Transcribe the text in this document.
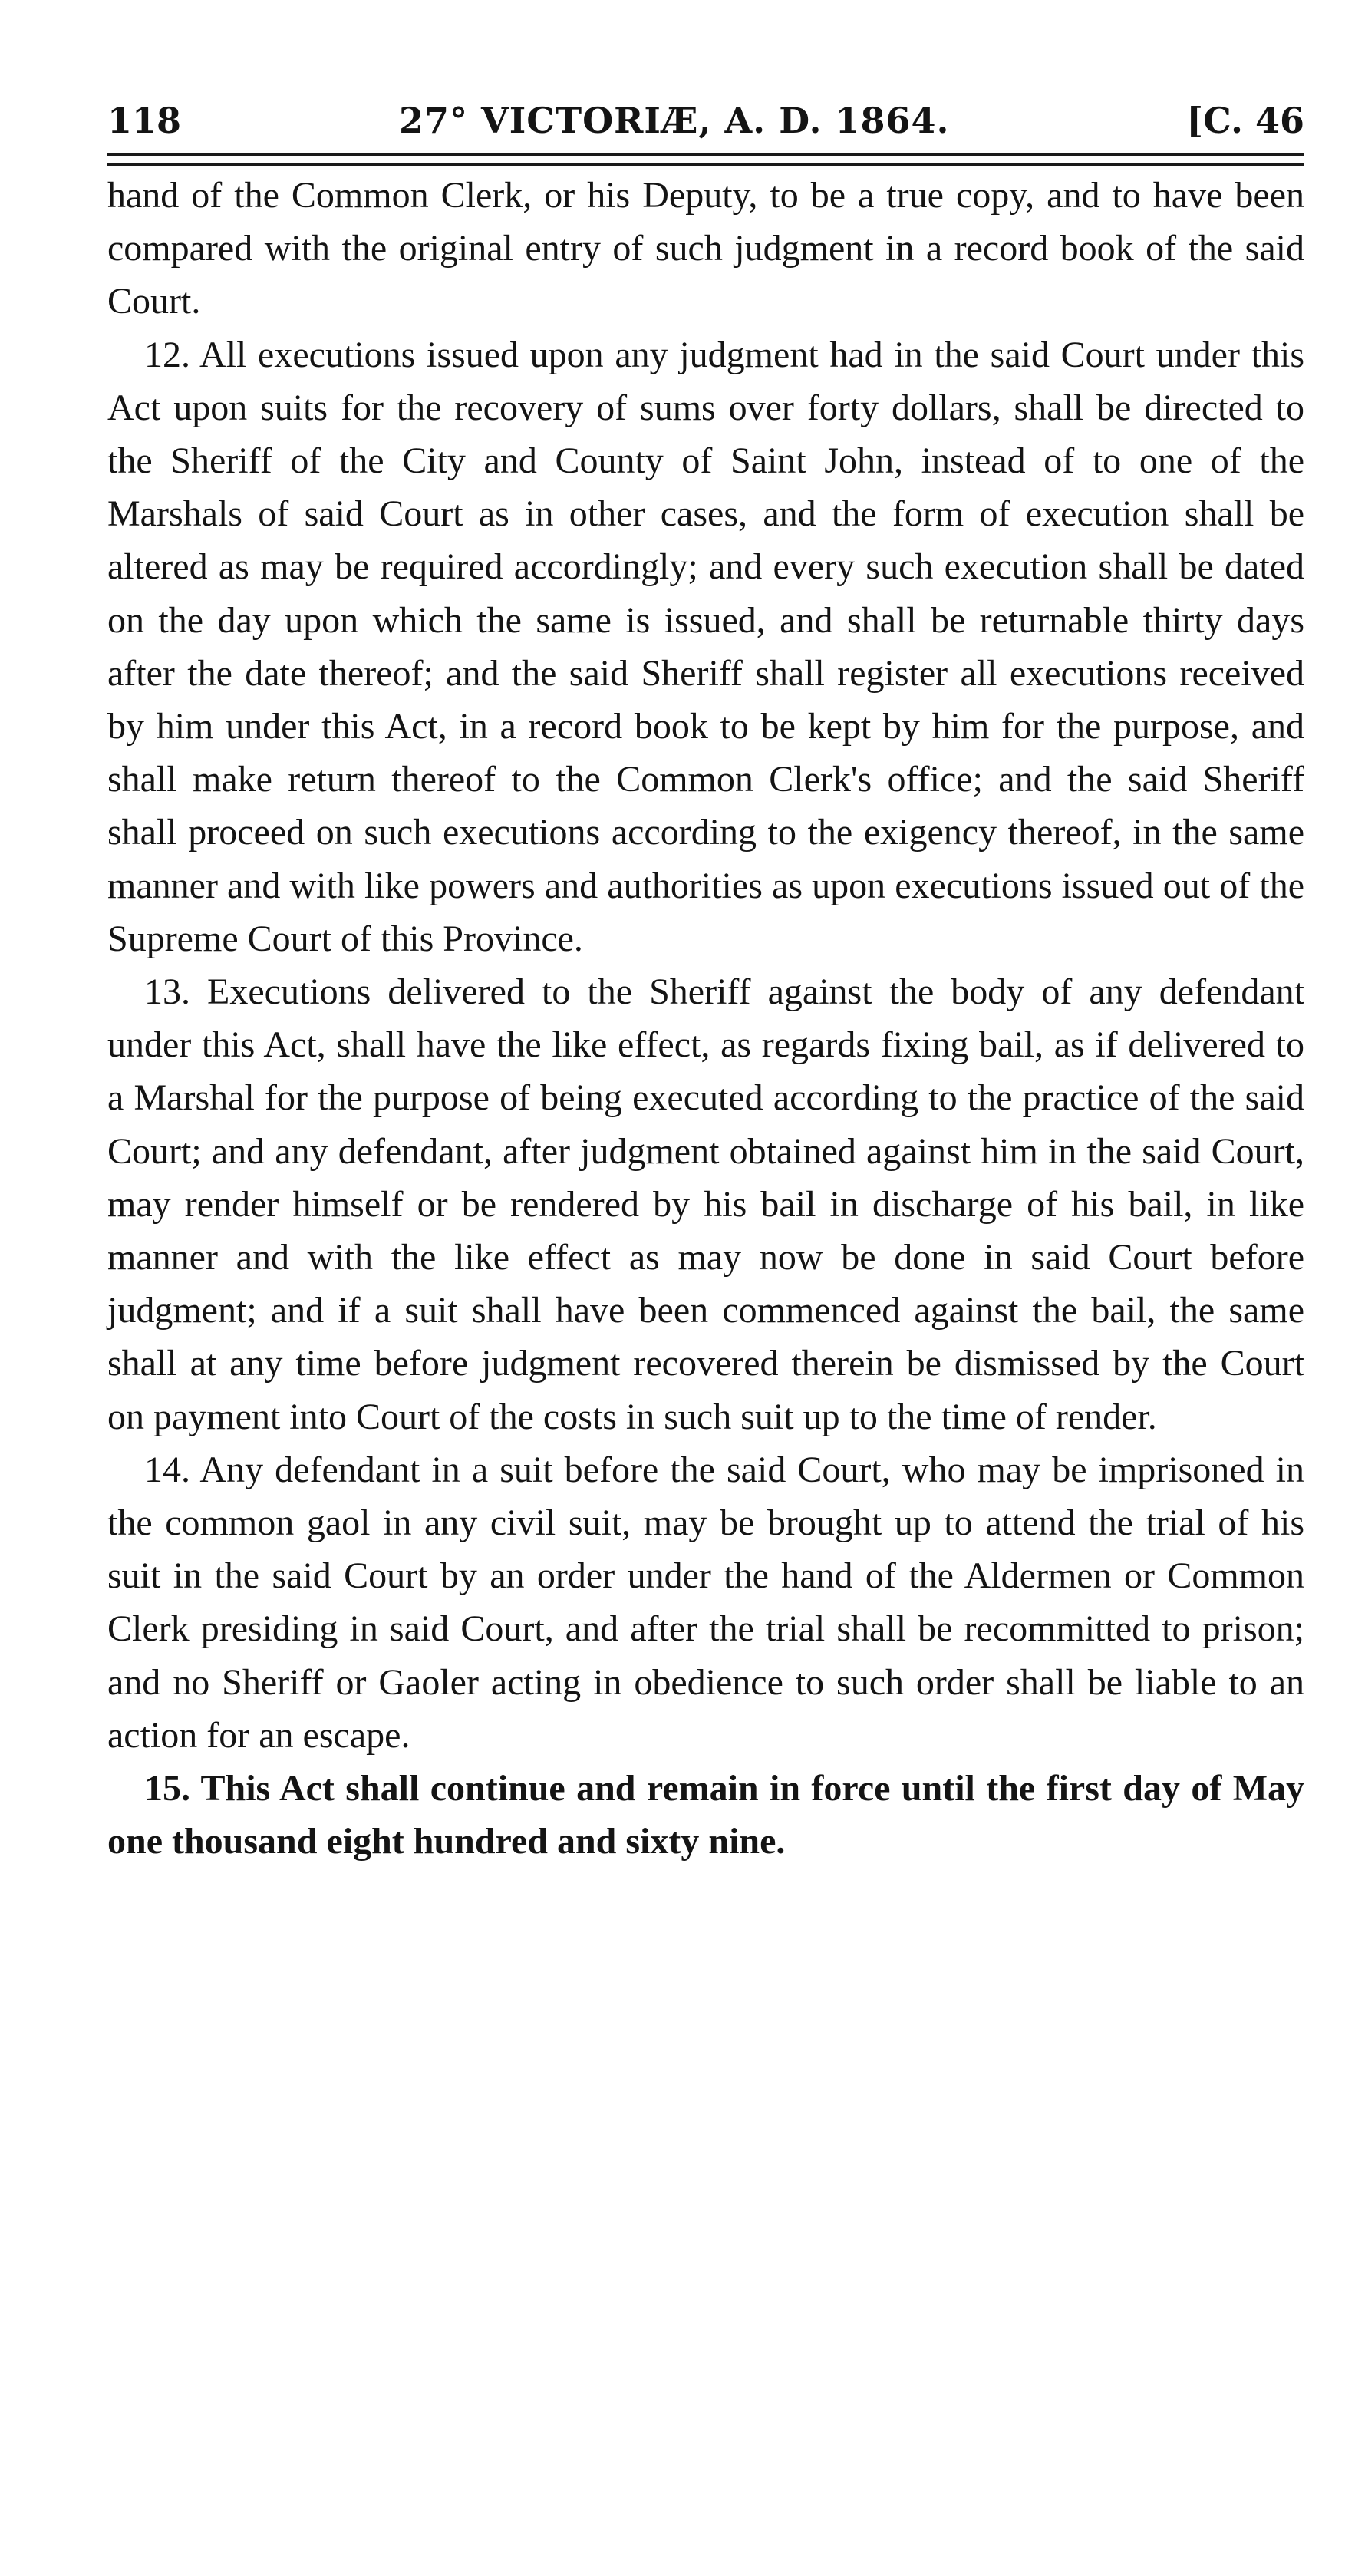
118	27° VICTORIÆ, A. D. 1864.	[C. 46

hand of the Common Clerk, or his Deputy, to be a true copy, and to have been compared with the original entry of such judgment in a record book of the said Court.

12. All executions issued upon any judgment had in the said Court under this Act upon suits for the recovery of sums over forty dollars, shall be directed to the Sheriff of the City and County of Saint John, instead of to one of the Marshals of said Court as in other cases, and the form of execution shall be altered as may be required accordingly; and every such execution shall be dated on the day upon which the same is issued, and shall be returnable thirty days after the date thereof; and the said Sheriff shall register all executions received by him under this Act, in a record book to be kept by him for the purpose, and shall make return thereof to the Common Clerk's office; and the said Sheriff shall proceed on such executions according to the exigency thereof, in the same manner and with like powers and authorities as upon executions issued out of the Supreme Court of this Province.

13. Executions delivered to the Sheriff against the body of any defendant under this Act, shall have the like effect, as regards fixing bail, as if delivered to a Marshal for the purpose of being executed according to the practice of the said Court; and any defendant, after judgment obtained against him in the said Court, may render himself or be rendered by his bail in discharge of his bail, in like manner and with the like effect as may now be done in said Court before judgment; and if a suit shall have been commenced against the bail, the same shall at any time before judgment recovered therein be dismissed by the Court on payment into Court of the costs in such suit up to the time of render.

14. Any defendant in a suit before the said Court, who may be imprisoned in the common gaol in any civil suit, may be brought up to attend the trial of his suit in the said Court by an order under the hand of the Aldermen or Common Clerk presiding in said Court, and after the trial shall be recommitted to prison; and no Sheriff or Gaoler acting in obedience to such order shall be liable to an action for an escape.

15. This Act shall continue and remain in force until the first day of May one thousand eight hundred and sixty nine.
